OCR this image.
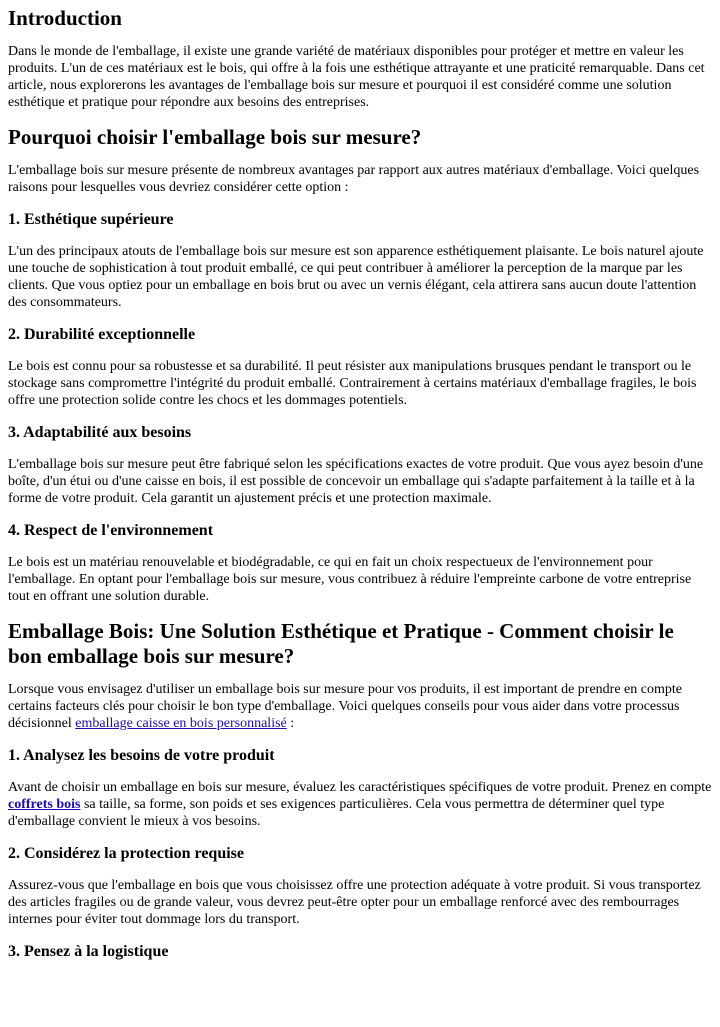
Introduction

Dans le monde de l'emballage, il existe une grande variété de matériaux disponibles pour protéger et mettre en valeur les produits. L'un de ces matériaux est le bois, qui offre à la fois une esthétique attrayante et une praticité remarquable. Dans cet article, nous explorerons les avantages de l'emballage bois sur mesure et pourquoi il est considéré comme une solution esthétique et pratique pour répondre aux besoins des entreprises.

Pourquoi choisir l'emballage bois sur mesure?

L'emballage bois sur mesure présente de nombreux avantages par rapport aux autres matériaux d'emballage. Voici quelques raisons pour lesquelles vous devriez considérer cette option :

1. Esthétique supérieure

L'un des principaux atouts de l'emballage bois sur mesure est son apparence esthétiquement plaisante. Le bois naturel ajoute une touche de sophistication à tout produit emballé, ce qui peut contribuer à améliorer la perception de la marque par les clients. Que vous optiez pour un emballage en bois brut ou avec un vernis élégant, cela attirera sans aucun doute l'attention des consommateurs.

2. Durabilité exceptionnelle

Le bois est connu pour sa robustesse et sa durabilité. Il peut résister aux manipulations brusques pendant le transport ou le stockage sans compromettre l'intégrité du produit emballé. Contrairement à certains matériaux d'emballage fragiles, le bois offre une protection solide contre les chocs et les dommages potentiels.

3. Adaptabilité aux besoins

L'emballage bois sur mesure peut être fabriqué selon les spécifications exactes de votre produit. Que vous ayez besoin d'une boîte, d'un étui ou d'une caisse en bois, il est possible de concevoir un emballage qui s'adapte parfaitement à la taille et à la forme de votre produit. Cela garantit un ajustement précis et une protection maximale.

4. Respect de l'environnement

Le bois est un matériau renouvelable et biodégradable, ce qui en fait un choix respectueux de l'environnement pour l'emballage. En optant pour l'emballage bois sur mesure, vous contribuez à réduire l'empreinte carbone de votre entreprise tout en offrant une solution durable.

Emballage Bois: Une Solution Esthétique et Pratique - Comment choisir le bon emballage bois sur mesure?

Lorsque vous envisagez d'utiliser un emballage bois sur mesure pour vos produits, il est important de prendre en compte certains facteurs clés pour choisir le bon type d'emballage. Voici quelques conseils pour vous aider dans votre processus décisionnel emballage caisse en bois personnalisé :

1. Analysez les besoins de votre produit

Avant de choisir un emballage en bois sur mesure, évaluez les caractéristiques spécifiques de votre produit. Prenez en compte coffrets bois sa taille, sa forme, son poids et ses exigences particulières. Cela vous permettra de déterminer quel type d'emballage convient le mieux à vos besoins.

2. Considérez la protection requise

Assurez-vous que l'emballage en bois que vous choisissez offre une protection adéquate à votre produit. Si vous transportez des articles fragiles ou de grande valeur, vous devrez peut-être opter pour un emballage renforcé avec des rembourrages internes pour éviter tout dommage lors du transport.

3. Pensez à la logistique
